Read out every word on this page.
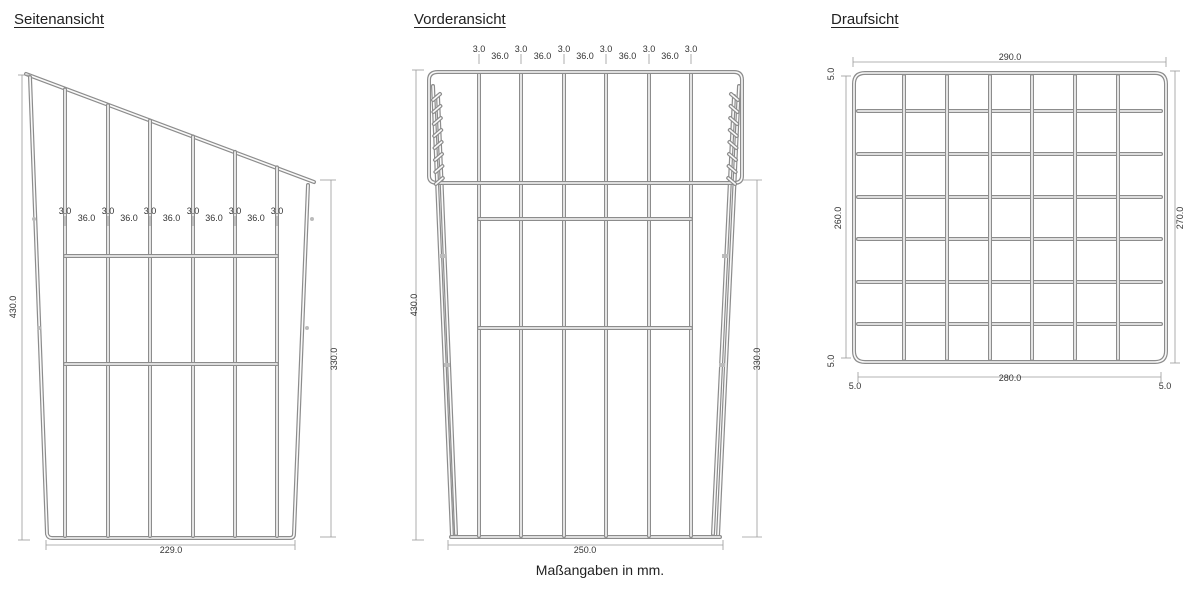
Seitenansicht	Vorderansicht	Draufsicht
430.0
330.0
229.0
3.0
36.0
3.0
36.0
3.0
36.0
3.0
36.0
3.0
36.0
3.0
430.0
330.0
250.0
3.0
36.0
3.0
36.0
3.0
36.0
3.0
36.0
3.0
36.0
3.0
290.0
280.0
260.0	270.0
5.0
5.0
5.0	5.0
Maßangaben in mm.
